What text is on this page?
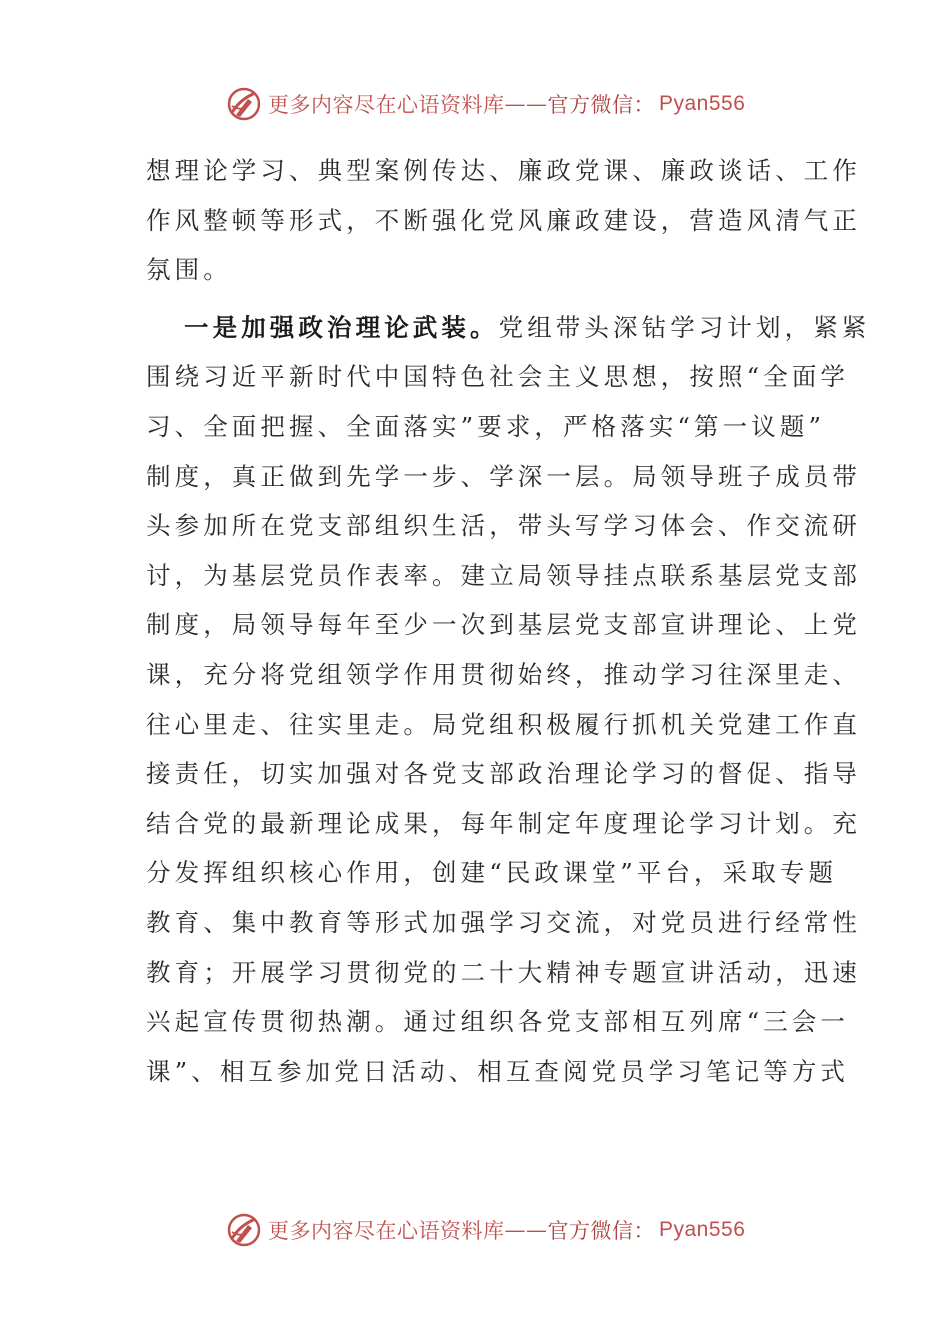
更多内容尽在心语资料库 —— 官方微信： Pyan556
想理论学习、典型案例传达、廉政党课、廉政谈话、工作
作风整顿等形式，不断强化党风廉政建设，营造风清气正
氛围。
一是加强政治理论武装。党组带头深钻学习计划，紧紧
围绕习近平新时代中国特色社会主义思想，按照“全面学
习、全面把握、全面落实”要求，严格落实“第一议题”
制度，真正做到先学一步、学深一层。局领导班子成员带
头参加所在党支部组织生活，带头写学习体会、作交流研
讨，为基层党员作表率。建立局领导挂点联系基层党支部
制度，局领导每年至少一次到基层党支部宣讲理论、上党
课，充分将党组领学作用贯彻始终，推动学习往深里走、
往心里走、往实里走。局党组积极履行抓机关党建工作直
接责任，切实加强对各党支部政治理论学习的督促、指导
结合党的最新理论成果，每年制定年度理论学习计划。充
分发挥组织核心作用，创建“民政课堂”平台，采取专题
教育、集中教育等形式加强学习交流，对党员进行经常性
教育；开展学习贯彻党的二十大精神专题宣讲活动，迅速
兴起宣传贯彻热潮。通过组织各党支部相互列席“三会一
课”、相互参加党日活动、相互查阅党员学习笔记等方式
更多内容尽在心语资料库 —— 官方微信： Pyan556
